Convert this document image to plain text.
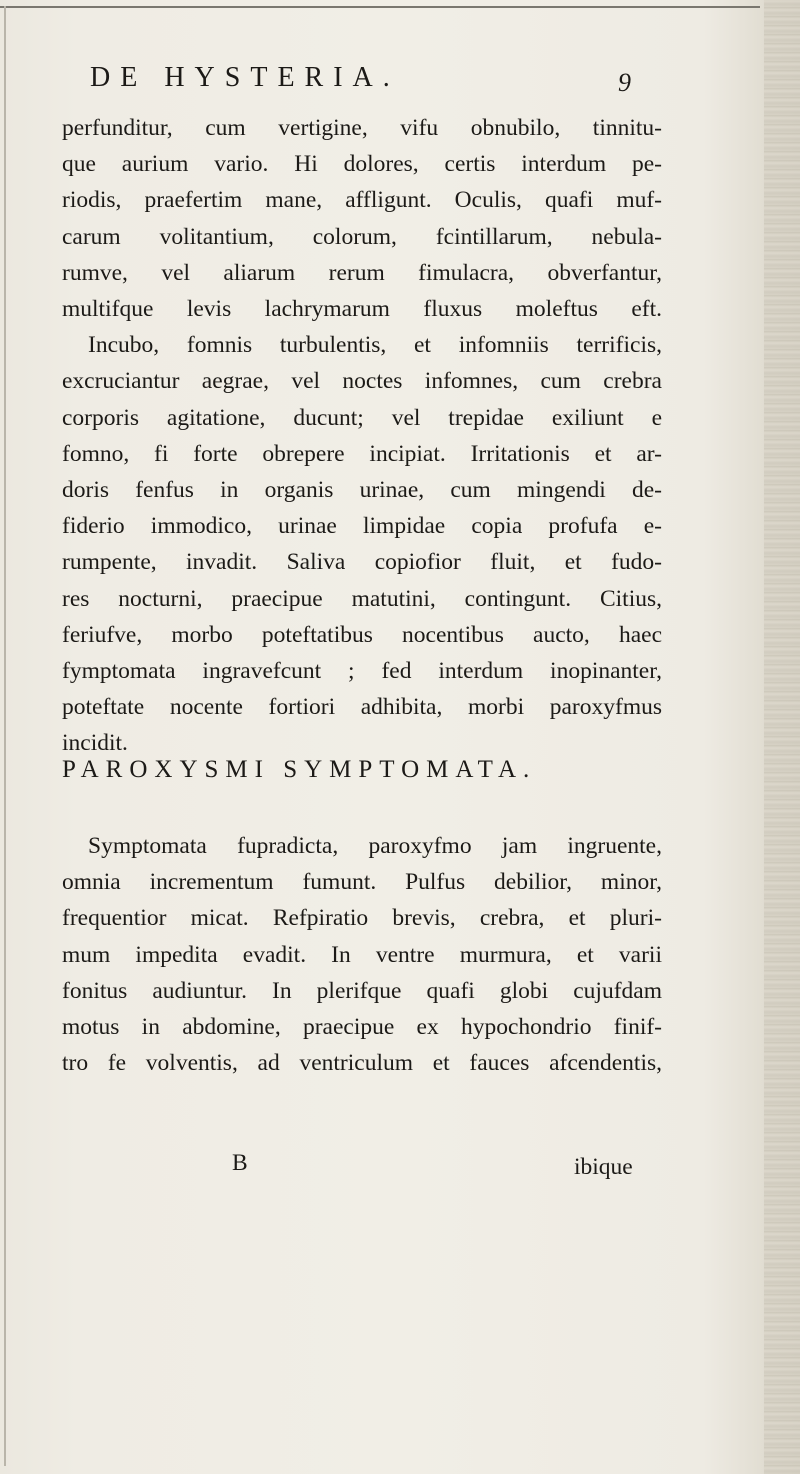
DE HYSTERIA.	9
perfunditur, cum vertigine, vifu obnubilo, tinnitu-
que aurium vario. Hi dolores, certis interdum pe-
riodis, praefertim mane, affligunt. Oculis, quafi muf-
carum volitantium, colorum, fcintillarum, nebula-
rumve, vel aliarum rerum fimulacra, obverfantur,
multifque levis lachrymarum fluxus moleftus eft.
Incubo, fomnis turbulentis, et infomniis terrificis,
excruciantur aegrae, vel noctes infomnes, cum crebra
corporis agitatione, ducunt; vel trepidae exiliunt e
fomno, fi forte obrepere incipiat. Irritationis et ar-
doris fenfus in organis urinae, cum mingendi de-
fiderio immodico, urinae limpidae copia profufa e-
rumpente, invadit. Saliva copiofior fluit, et fudo-
res nocturni, praecipue matutini, contingunt. Citius,
feriufve, morbo poteftatibus nocentibus aucto, haec
fymptomata ingravefcunt ; fed interdum inopinanter,
poteftate nocente fortiori adhibita, morbi paroxyfmus
incidit.
PAROXYSMI SYMPTOMATA.
Symptomata fupradicta, paroxyfmo jam ingruente,
omnia incrementum fumunt. Pulfus debilior, minor,
frequentior micat. Refpiratio brevis, crebra, et pluri-
mum impedita evadit. In ventre murmura, et varii
fonitus audiuntur. In plerifque quafi globi cujufdam
motus in abdomine, praecipue ex hypochondrio finif-
tro fe volventis, ad ventriculum et fauces afcendentis,
B	ibique
